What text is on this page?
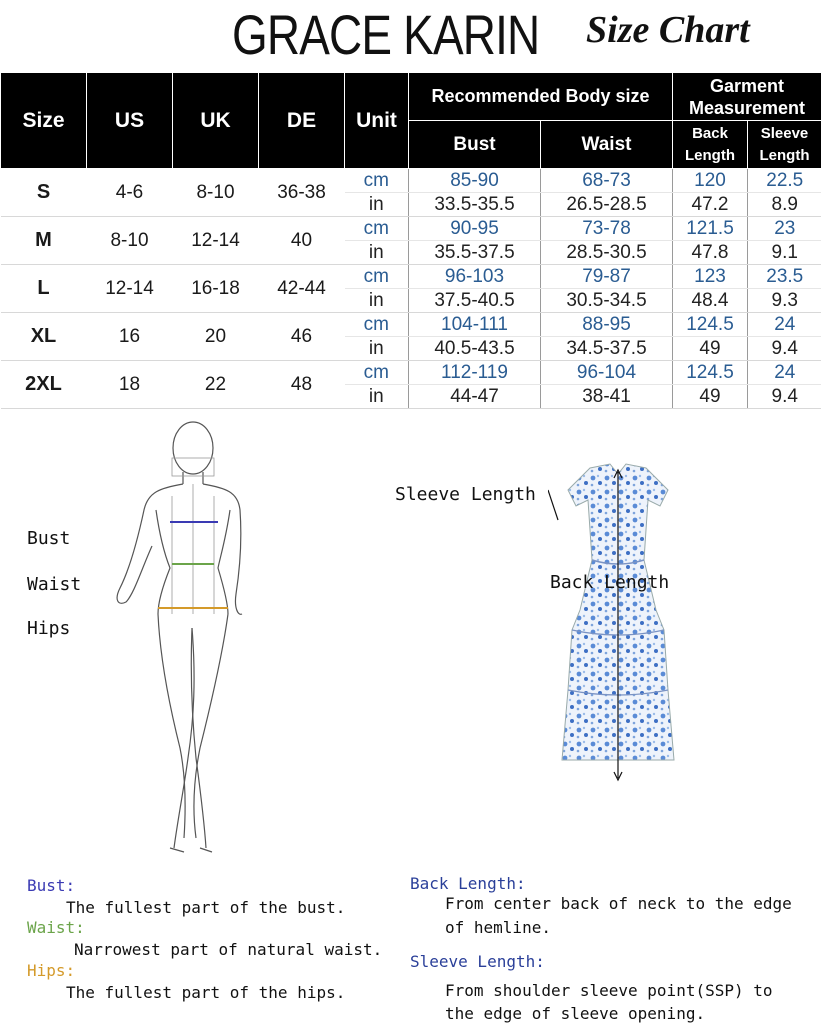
GRACE KARIN Size Chart
Size	US	UK	DE	Unit	Recommended Body size		Garment Measurement	
					Bust	Waist	Back Length	Sleeve Length
S	4-6	8-10	36-38	cm	85-90	68-73	120	22.5
				in	33.5-35.5	26.5-28.5	47.2	8.9
M	8-10	12-14	40	cm	90-95	73-78	121.5	23
				in	35.5-37.5	28.5-30.5	47.8	9.1
L	12-14	16-18	42-44	cm	96-103	79-87	123	23.5
				in	37.5-40.5	30.5-34.5	48.4	9.3
XL	16	20	46	cm	104-111	88-95	124.5	24
				in	40.5-43.5	34.5-37.5	49	9.4
2XL	18	22	48	cm	112-119	96-104	124.5	24
				in	44-47	38-41	49	9.4
Bust
Waist
Hips
Sleeve Length
Back Length
Bust:
The fullest part of the bust.
Waist:
Narrowest part of natural waist.
Hips:
The fullest part of the hips.
Back Length:
From center back of neck to the edge
of hemline.
Sleeve Length:
From shoulder sleeve point(SSP) to
the edge of sleeve opening.
